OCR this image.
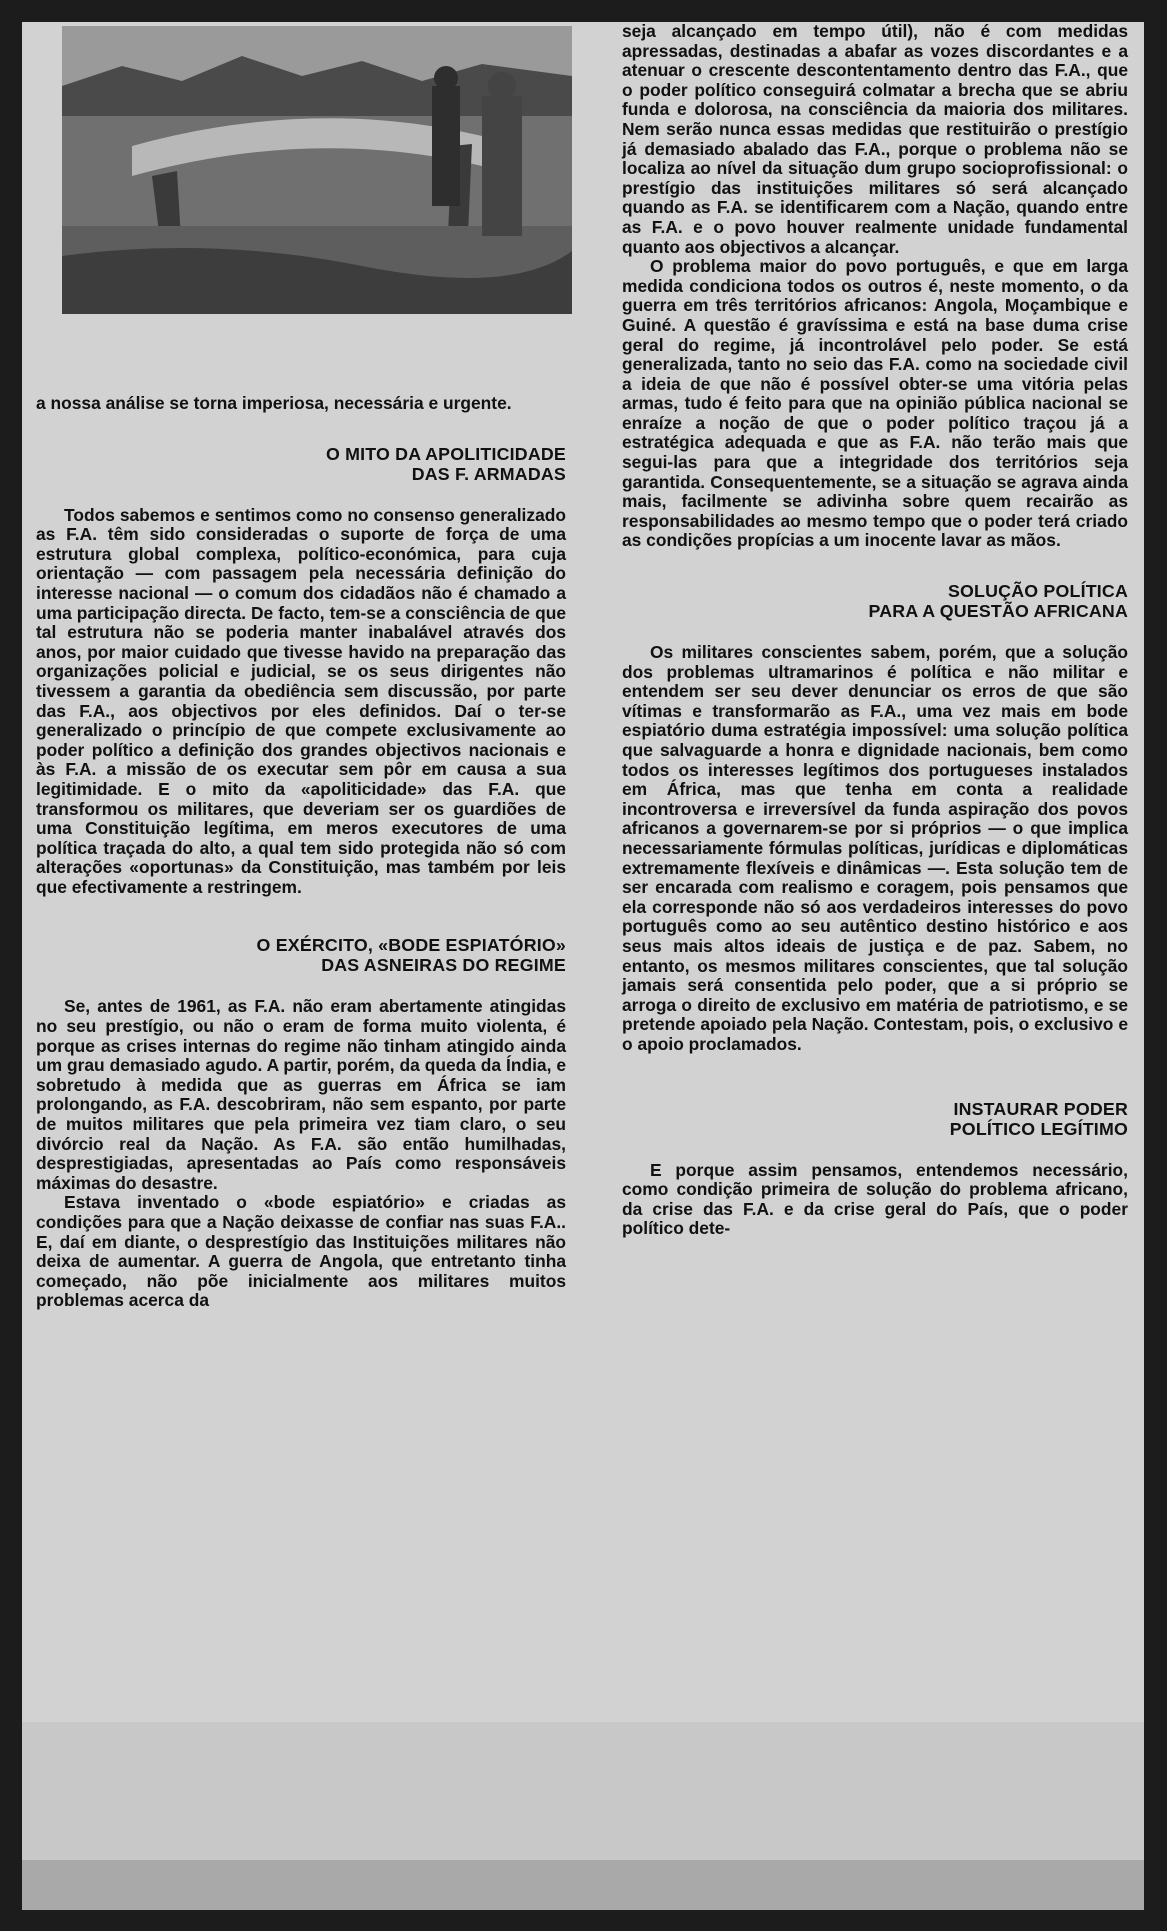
a nossa análise se torna imperiosa, necessária e urgente.

O MITO DA APOLITICIDADE
DAS F. ARMADAS

Todos sabemos e sentimos como no consenso generalizado as F.A. têm sido consideradas o suporte de força de uma estrutura global complexa, político-económica, para cuja orientação — com passagem pela necessária definição do interesse nacional — o comum dos cidadãos não é chamado a uma participação directa. De facto, tem-se a consciência de que tal estrutura não se poderia manter inabalável através dos anos, por maior cuidado que tivesse havido na preparação das organizações policial e judicial, se os seus dirigentes não tivessem a garantia da obediência sem discussão, por parte das F.A., aos objectivos por eles definidos. Daí o ter-se generalizado o princípio de que compete exclusivamente ao poder político a definição dos grandes objectivos nacionais e às F.A. a missão de os executar sem pôr em causa a sua legitimidade. E o mito da «apoliticidade» das F.A. que transformou os militares, que deveriam ser os guardiões de uma Constituição legítima, em meros executores de uma política traçada do alto, a qual tem sido protegida não só com alterações «oportunas» da Constituição, mas também por leis que efectivamente a restringem.

O EXÉRCITO, «BODE ESPIATÓRIO»
DAS ASNEIRAS DO REGIME

Se, antes de 1961, as F.A. não eram abertamente atingidas no seu prestígio, ou não o eram de forma muito violenta, é porque as crises internas do regime não tinham atingido ainda um grau demasiado agudo. A partir, porém, da queda da Índia, e sobretudo à medida que as guerras em África se iam prolongando, as F.A. descobriram, não sem espanto, por parte de muitos militares que pela primeira vez tiam claro, o seu divórcio real da Nação. As F.A. são então humilhadas, desprestigiadas, apresentadas ao País como responsáveis máximas do desastre.

Estava inventado o «bode espiatório» e criadas as condições para que a Nação deixasse de confiar nas suas F.A.. E, daí em diante, o desprestígio das Instituições militares não deixa de aumentar. A guerra de Angola, que entretanto tinha começado, não põe inicialmente aos militares muitos problemas acerca da

seja alcançado em tempo útil), não é com medidas apressadas, destinadas a abafar as vozes discordantes e a atenuar o crescente descontentamento dentro das F.A., que o poder político conseguirá colmatar a brecha que se abriu funda e dolorosa, na consciência da maioria dos militares. Nem serão nunca essas medidas que restituirão o prestígio já demasiado abalado das F.A., porque o problema não se localiza ao nível da situação dum grupo socioprofissional: o prestígio das instituições militares só será alcançado quando as F.A. se identificarem com a Nação, quando entre as F.A. e o povo houver realmente unidade fundamental quanto aos objectivos a alcançar.

O problema maior do povo português, e que em larga medida condiciona todos os outros é, neste momento, o da guerra em três territórios africanos: Angola, Moçambique e Guiné. A questão é gravíssima e está na base duma crise geral do regime, já incontrolável pelo poder. Se está generalizada, tanto no seio das F.A. como na sociedade civil a ideia de que não é possível obter-se uma vitória pelas armas, tudo é feito para que na opinião pública nacional se enraíze a noção de que o poder político traçou já a estratégica adequada e que as F.A. não terão mais que segui-las para que a integridade dos territórios seja garantida. Consequentemente, se a situação se agrava ainda mais, facilmente se adivinha sobre quem recairão as responsabilidades ao mesmo tempo que o poder terá criado as condições propícias a um inocente lavar as mãos.

SOLUÇÃO POLÍTICA
PARA A QUESTÃO AFRICANA

Os militares conscientes sabem, porém, que a solução dos problemas ultramarinos é política e não militar e entendem ser seu dever denunciar os erros de que são vítimas e transformarão as F.A., uma vez mais em bode espiatório duma estratégia impossível: uma solução política que salvaguarde a honra e dignidade nacionais, bem como todos os interesses legítimos dos portugueses instalados em África, mas que tenha em conta a realidade incontroversa e irreversível da funda aspiração dos povos africanos a governarem-se por si próprios — o que implica necessariamente fórmulas políticas, jurídicas e diplomáticas extremamente flexíveis e dinâmicas —. Esta solução tem de ser encarada com realismo e coragem, pois pensamos que ela corresponde não só aos verdadeiros interesses do povo português como ao seu autêntico destino histórico e aos seus mais altos ideais de justiça e de paz. Sabem, no entanto, os mesmos militares conscientes, que tal solução jamais será consentida pelo poder, que a si próprio se arroga o direito de exclusivo em matéria de patriotismo, e se pretende apoiado pela Nação. Contestam, pois, o exclusivo e o apoio proclamados.

INSTAURAR PODER
POLÍTICO LEGÍTIMO

E porque assim pensamos, entendemos necessário, como condição primeira de solução do problema africano, da crise das F.A. e da crise geral do País, que o poder político dete-
